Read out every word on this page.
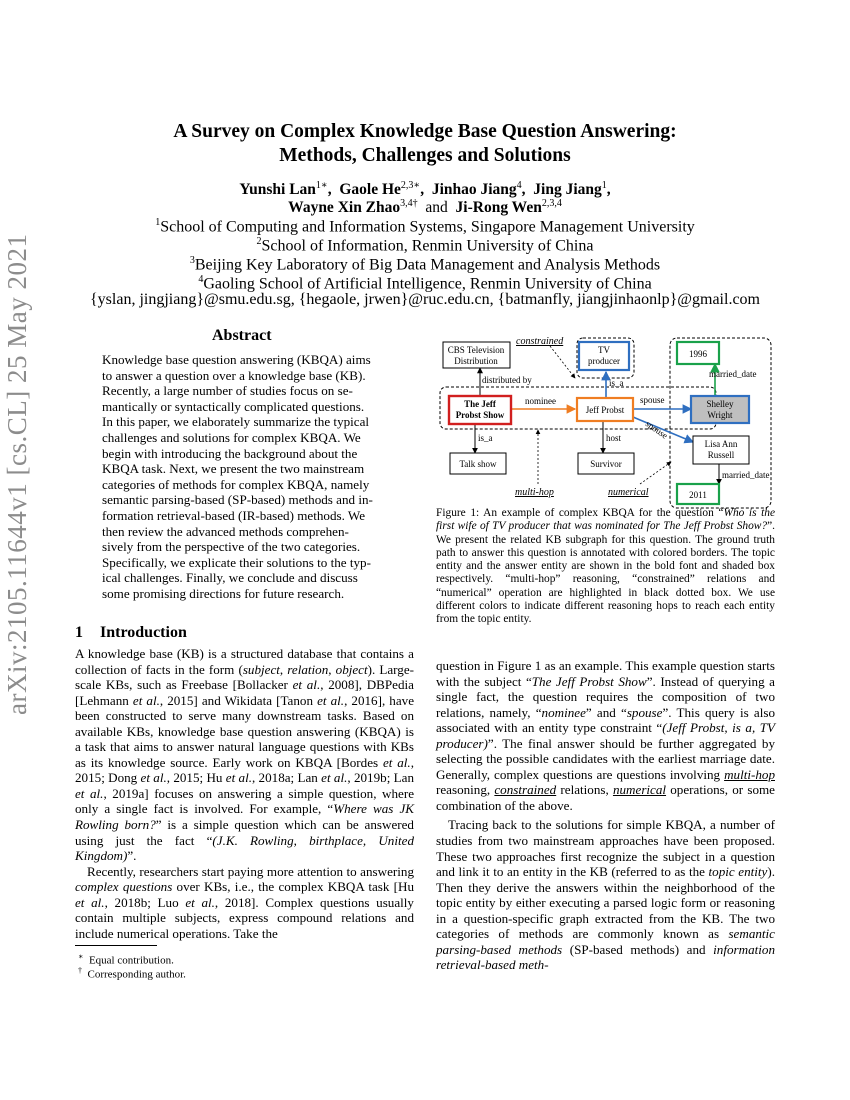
arXiv:2105.11644v1 [cs.CL] 25 May 2021
A Survey on Complex Knowledge Base Question Answering:
Methods, Challenges and Solutions
Yunshi Lan$^{1∗}$, Gaole $He^{2,3∗}$, Jinhao Jiang$^4$, Jing Jiang$^1$,
Wayne Xin Zhao$^{3,4\dagger}$ and Ji-Rong Wen$^{2,3,4}$
$^1$School of Computing and Information Systems, Singapore Management University
$^2$School of Information, Renmin University of China
$^3$Beijing Key Laboratory of Big Data Management and Analysis Methods
$^4$Gaoling School of Artificial Intelligence, Renmin University of China
{yslan, jingjiang}@smu.edu.sg, {hegaole, jrwen}@ruc.edu.cn, {batmanfly, jiangjinhaonlp}@gmail.com
Abstract
Knowledge base question answering (KBQA) aims
to answer a question over a knowledge base (KB).
Recently, a large number of studies focus on se-
mantically or syntactically complicated questions.
In this paper, we elaborately summarize the typical
challenges and solutions for complex KBQA. We
begin with introducing the background about the
KBQA task. Next, we present the two mainstream
categories of methods for complex KBQA, namely
semantic parsing-based (SP-based) methods and in-
formation retrieval-based (IR-based) methods. We
then review the advanced methods comprehen-
sively from the perspective of the two categories.
Specifically, we explicate their solutions to the typ-
ical challenges. Finally, we conclude and discuss
some promising directions for future research.
1 Introduction

A knowledge base (KB) is a structured database that contains a collection of facts in the form (subject, relation, object). Large-scale KBs, such as Freebase [Bollacker et al., 2008], DBPedia [Lehmann et al., 2015] and Wikidata [Tanon et al., 2016], have been constructed to serve many downstream tasks. Based on available KBs, knowledge base question answering (KBQA) is a task that aims to answer natural language questions with KBs as its knowledge source. Early work on KBQA [Bordes et al., 2015; Dong et al., 2015; Hu et al., 2018a; Lan et al., 2019b; Lan et al., 2019a] focuses on answering a simple question, where only a single fact is involved. For example, “Where was JK Rowling born?” is a simple question which can be answered using just the fact “(J.K. Rowling, birthplace, United Kingdom)”.

Recently, researchers start paying more attention to answering complex questions over KBs, i.e., the complex KBQA task [Hu et al., 2018b; Luo et al., 2018]. Complex questions usually contain multiple subjects, express compound relations and include numerical operations. Take the

∗ Equal contribution.
† Corresponding author.
CBS Television
Distribution
TV
producer
1996
The Jeff
Probst Show	Jeff Probst
Shelley
Wright
Lisa Ann
Russell
Talk show	Survivor
2011
distributed by
nominee
is_a
spouse
spouse
married_date
married_date
is_a	host
constrained
multi-hop	numerical
Figure 1: An example of complex KBQA for the question “Who is the first wife of TV producer that was nominated for The Jeff Probst Show?”. We present the related KB subgraph for this question. The ground truth path to answer this question is annotated with colored borders. The topic entity and the answer entity are shown in the bold font and shaded box respectively. “multi-hop” reasoning, “constrained” relations and “numerical” operation are highlighted in black dotted box. We use different colors to indicate different reasoning hops to reach each entity from the topic entity.

question in Figure 1 as an example. This example question starts with the subject “The Jeff Probst Show”. Instead of querying a single fact, the question requires the composition of two relations, namely, “nominee” and “spouse”. This query is also associated with an entity type constraint “(Jeff Probst, is a, TV producer)”. The final answer should be further aggregated by selecting the possible candidates with the earliest marriage date. Generally, complex questions are questions involving multi-hop reasoning, constrained relations, numerical operations, or some combination of the above.

Tracing back to the solutions for simple KBQA, a number of studies from two mainstream approaches have been proposed. These two approaches first recognize the subject in a question and link it to an entity in the KB (referred to as the topic entity). Then they derive the answers within the neighborhood of the topic entity by either executing a parsed logic form or reasoning in a question-specific graph extracted from the KB. The two categories of methods are commonly known as semantic parsing-based methods (SP-based methods) and information retrieval-based meth-
